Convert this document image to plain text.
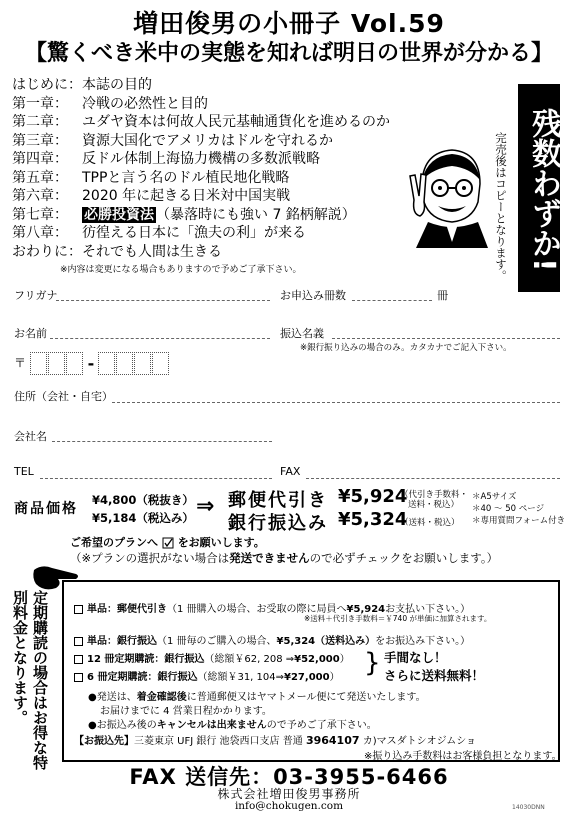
増田俊男の小冊子 Vol.59
【驚くべき米中の実態を知れば明日の世界が分かる】
はじめに：本誌の目的
第一章： 冷戦の必然性と目的
第二章： ユダヤ資本は何故人民元基軸通貨化を進めるのか
第三章： 資源大国化でアメリカはドルを守れるか
第四章： 反ドル体制上海協力機構の多数派戦略
第五章： TPPと言う名のドル植民地化戦略
第六章： 2020 年に起きる日米対中国実戦
第七章： 必勝投資法 （暴落時にも強い 7 銘柄解説）
第八章： 彷徨える日本に「漁夫の利」が来る
おわりに：それでも人間は生きる
※内容は変更になる場合もありますので予めご了承下さい。	残数わずか!
完売後はコピーとなります。
フリガナ	お申込み冊数	冊
お名前	振込名義
※銀行振り込みの場合のみ。カタカナでご記入下さい。
〒	-
住所（会社・自宅）
会社名
TEL	FAX
商品価格
¥4,800（税抜き）
¥5,184（税込み） ⇒ 郵便代引き ¥5,924
（代引き手数料・
送料・税込）
銀行振込み ¥5,324
（送料・税込）
＊A5サイズ
＊40 ～ 50 ページ
＊専用質問フォーム付き
ご希望のプランへ をお願いします。
（※プランの選択がない場合は発送できませんので必ずチェックをお願いします。）
定期購読の場合はお得な特別料金となります。	単品：郵便代引き（1 冊購入の場合、お受取の際に局員へ¥5,924お支払い下さい。）
※送料＋代引き手数料＝￥740 が単価に加算されます。
単品：銀行振込（1 冊毎のご購入の場合、¥5,324（送料込み）をお振込み下さい。）
12 冊定期購読：銀行振込（総額￥62, 208 ⇒¥52,000）
6 冊定期購読：銀行振込（総額￥31, 104⇒¥27,000） } 手間なし！
さらに送料無料！
●発送は、着金確認後に普通郵便又はヤマトメール便にて発送いたします。
お届けまでに 4 営業日程かかります。
●お振込み後のキャンセルは出来ませんので予めご了承下さい。
【お振込先】三菱東京 UFJ 銀行 池袋西口支店 普通 3964107 カ)マスダトシオジムショ
※振り込み手数料はお客様負担となります。
FAX 送信先：03-3955-6466
株式会社増田俊男事務所
info@chokugen.com	14030DNN
